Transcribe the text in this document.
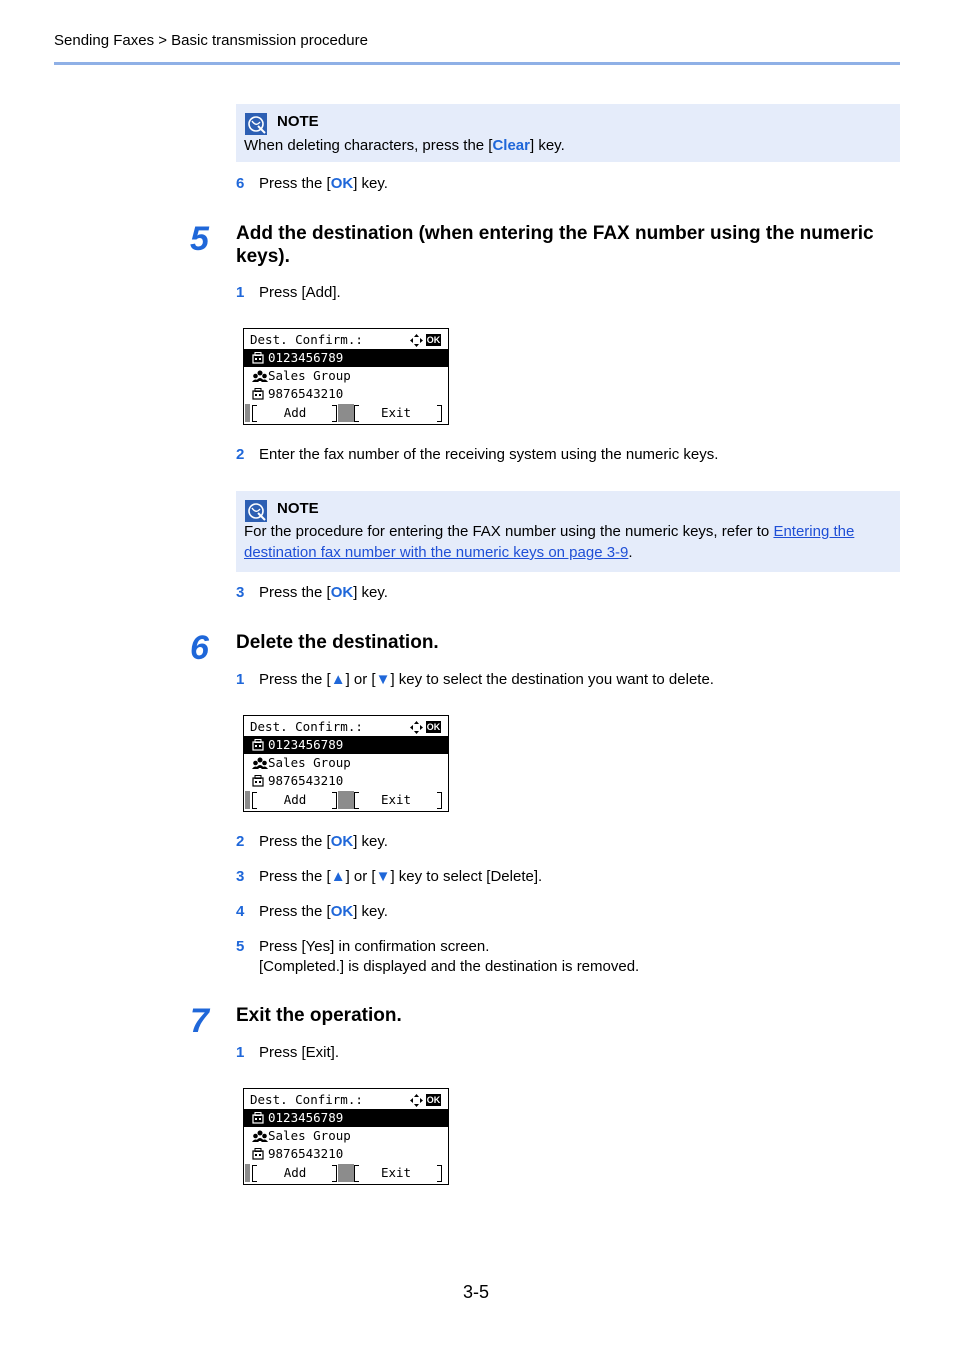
Sending Faxes > Basic transmission procedure
NOTE
When deleting characters, press the [Clear] key.
6 Press the [OK] key.
5 Add the destination (when entering the FAX number using the numeric
keys).
1 Press [Add].
Dest. Confirm.:	OK
0123456789
Sales Group
9876543210
Add	Exit
2 Enter the fax number of the receiving system using the numeric keys.
NOTE
For the procedure for entering the FAX number using the numeric keys, refer to Entering the
destination fax number with the numeric keys on page 3-9.
3 Press the [OK] key.
6 Delete the destination.
1 Press the [▲] or [▼] key to select the destination you want to delete.
Dest. Confirm.:	OK
0123456789
Sales Group
9876543210
Add	Exit
2 Press the [OK] key.
3 Press the [▲] or [▼] key to select [Delete].
4 Press the [OK] key.
5 Press [Yes] in confirmation screen.
[Completed.] is displayed and the destination is removed.
7 Exit the operation.
1 Press [Exit].
Dest. Confirm.:	OK
0123456789
Sales Group
9876543210
Add	Exit
3-5
